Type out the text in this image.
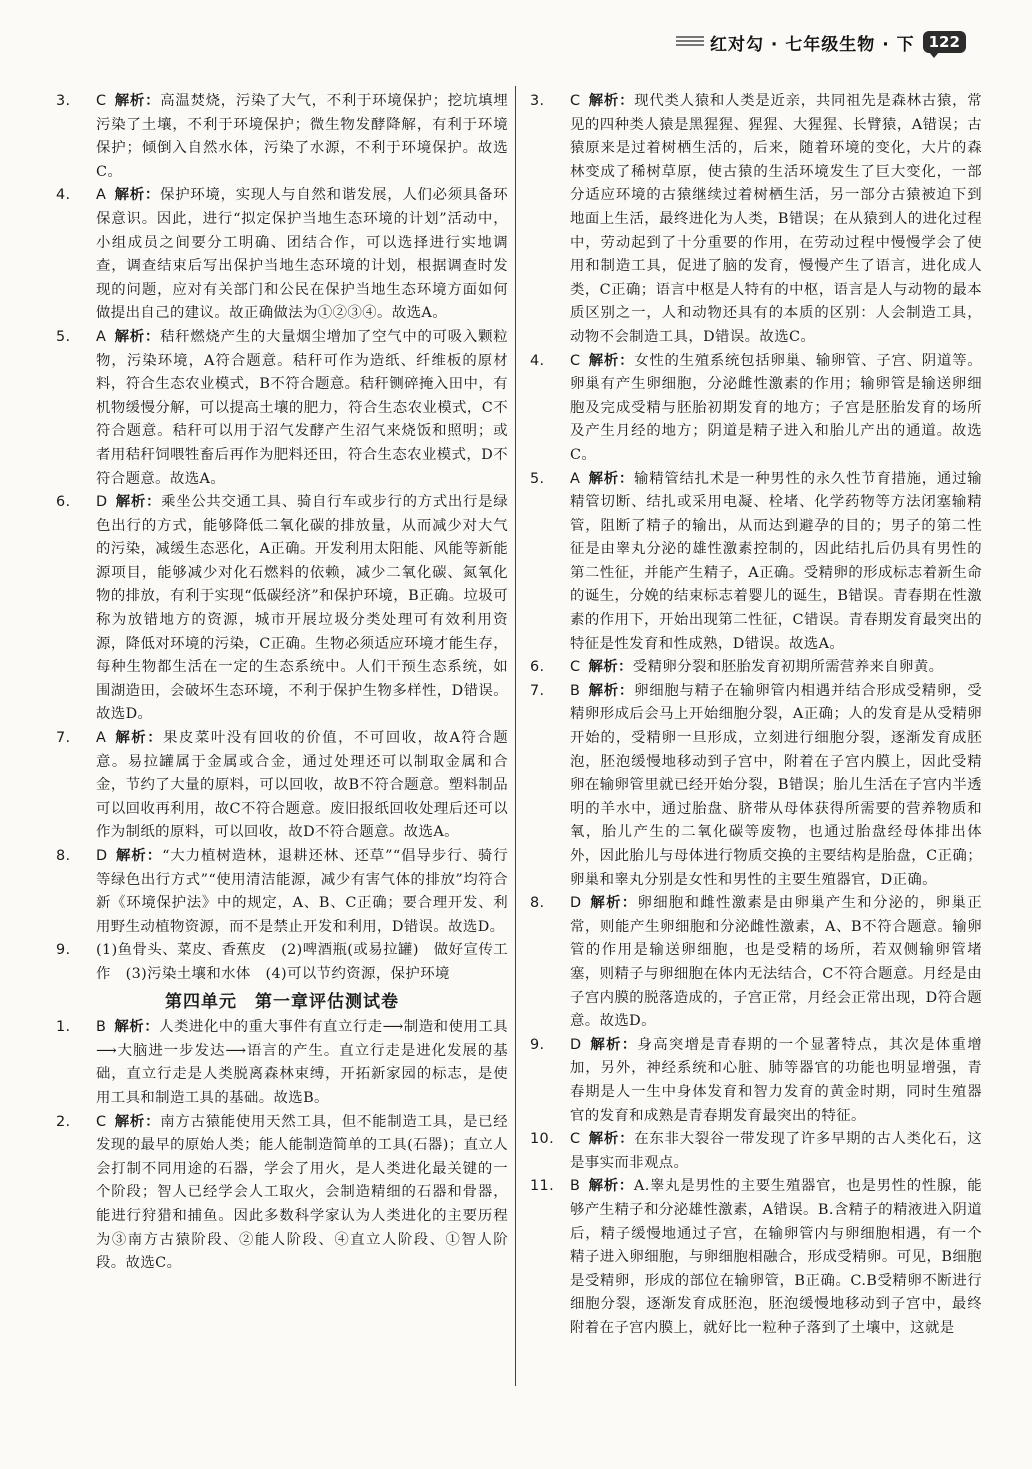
红对勾 · 七年级生物 · 下 122
3.	C 解析：高温焚烧，污染了大气，不利于环境保护；挖坑填埋污染了土壤，不利于环境保护；微生物发酵降解，有利于环境保护；倾倒入自然水体，污染了水源，不利于环境保护。故选C。
4.	A 解析：保护环境，实现人与自然和谐发展，人们必须具备环保意识。因此，进行“拟定保护当地生态环境的计划”活动中，小组成员之间要分工明确、团结合作，可以选择进行实地调查，调查结束后写出保护当地生态环境的计划，根据调查时发现的问题，应对有关部门和公民在保护当地生态环境方面如何做提出自己的建议。故正确做法为①②③④。故选A。
5.	A 解析：秸秆燃烧产生的大量烟尘增加了空气中的可吸入颗粒物，污染环境，A符合题意。秸秆可作为造纸、纤维板的原材料，符合生态农业模式，B不符合题意。秸秆铡碎掩入田中，有机物缓慢分解，可以提高土壤的肥力，符合生态农业模式，C不符合题意。秸秆可以用于沼气发酵产生沼气来烧饭和照明；或者用秸秆饲喂牲畜后再作为肥料还田，符合生态农业模式，D不符合题意。故选A。
6.	D 解析：乘坐公共交通工具、骑自行车或步行的方式出行是绿色出行的方式，能够降低二氧化碳的排放量，从而减少对大气的污染，减缓生态恶化，A正确。开发利用太阳能、风能等新能源项目，能够减少对化石燃料的依赖，减少二氧化碳、氮氧化物的排放，有利于实现“低碳经济”和保护环境，B正确。垃圾可称为放错地方的资源，城市开展垃圾分类处理可有效利用资源，降低对环境的污染，C正确。生物必须适应环境才能生存，每种生物都生活在一定的生态系统中。人们干预生态系统，如围湖造田，会破坏生态环境，不利于保护生物多样性，D错误。故选D。
7.	A 解析：果皮菜叶没有回收的价值，不可回收，故A符合题意。易拉罐属于金属或合金，通过处理还可以制取金属和合金，节约了大量的原料，可以回收，故B不符合题意。塑料制品可以回收再利用，故C不符合题意。废旧报纸回收处理后还可以作为制纸的原料，可以回收，故D不符合题意。故选A。
8.	D 解析：“大力植树造林，退耕还林、还草”“倡导步行、骑行等绿色出行方式”“使用清洁能源，减少有害气体的排放”均符合新《环境保护法》中的规定，A、B、C正确；要合理开发、利用野生动植物资源，而不是禁止开发和利用，D错误。故选D。
9.	(1)鱼骨头、菜皮、香蕉皮　(2)啤酒瓶(或易拉罐)　做好宣传工作　(3)污染土壤和水体　(4)可以节约资源，保护环境
第四单元　第一章评估测试卷
1.	B 解析：人类进化中的重大事件有直立行走⟶制造和使用工具⟶大脑进一步发达⟶语言的产生。直立行走是进化发展的基础，直立行走是人类脱离森林束缚，开拓新家园的标志，是使用工具和制造工具的基础。故选B。
2.	C 解析：南方古猿能使用天然工具，但不能制造工具，是已经发现的最早的原始人类；能人能制造简单的工具(石器)；直立人会打制不同用途的石器，学会了用火，是人类进化最关键的一个阶段；智人已经学会人工取火，会制造精细的石器和骨器，能进行狩猎和捕鱼。因此多数科学家认为人类进化的主要历程为③南方古猿阶段、②能人阶段、④直立人阶段、①智人阶段。故选C。
3.	C 解析：现代类人猿和人类是近亲，共同祖先是森林古猿，常见的四种类人猿是黑猩猩、猩猩、大猩猩、长臂猿，A错误；古猿原来是过着树栖生活的，后来，随着环境的变化，大片的森林变成了稀树草原，使古猿的生活环境发生了巨大变化，一部分适应环境的古猿继续过着树栖生活，另一部分古猿被迫下到地面上生活，最终进化为人类，B错误；在从猿到人的进化过程中，劳动起到了十分重要的作用，在劳动过程中慢慢学会了使用和制造工具，促进了脑的发育，慢慢产生了语言，进化成人类，C正确；语言中枢是人特有的中枢，语言是人与动物的最本质区别之一，人和动物还具有的本质的区别：人会制造工具，动物不会制造工具，D错误。故选C。
4.	C 解析：女性的生殖系统包括卵巢、输卵管、子宫、阴道等。卵巢有产生卵细胞，分泌雌性激素的作用；输卵管是输送卵细胞及完成受精与胚胎初期发育的地方；子宫是胚胎发育的场所及产生月经的地方；阴道是精子进入和胎儿产出的通道。故选C。
5.	A 解析：输精管结扎术是一种男性的永久性节育措施，通过输精管切断、结扎或采用电凝、栓堵、化学药物等方法闭塞输精管，阻断了精子的输出，从而达到避孕的目的；男子的第二性征是由睾丸分泌的雄性激素控制的，因此结扎后仍具有男性的第二性征，并能产生精子，A正确。受精卵的形成标志着新生命的诞生，分娩的结束标志着婴儿的诞生，B错误。青春期在性激素的作用下，开始出现第二性征，C错误。青春期发育最突出的特征是性发育和性成熟，D错误。故选A。
6.	C 解析：受精卵分裂和胚胎发育初期所需营养来自卵黄。
7.	B 解析：卵细胞与精子在输卵管内相遇并结合形成受精卵，受精卵形成后会马上开始细胞分裂，A正确；人的发育是从受精卵开始的，受精卵一旦形成，立刻进行细胞分裂，逐渐发育成胚泡，胚泡缓慢地移动到子宫中，附着在子宫内膜上，因此受精卵在输卵管里就已经开始分裂，B错误；胎儿生活在子宫内半透明的羊水中，通过胎盘、脐带从母体获得所需要的营养物质和氧，胎儿产生的二氧化碳等废物，也通过胎盘经母体排出体外，因此胎儿与母体进行物质交换的主要结构是胎盘，C正确；卵巢和睾丸分别是女性和男性的主要生殖器官，D正确。
8.	D 解析：卵细胞和雌性激素是由卵巢产生和分泌的，卵巢正常，则能产生卵细胞和分泌雌性激素，A、B不符合题意。输卵管的作用是输送卵细胞，也是受精的场所，若双侧输卵管堵塞，则精子与卵细胞在体内无法结合，C不符合题意。月经是由子宫内膜的脱落造成的，子宫正常，月经会正常出现，D符合题意。故选D。
9.	D 解析：身高突增是青春期的一个显著特点，其次是体重增加，另外，神经系统和心脏、肺等器官的功能也明显增强，青春期是人一生中身体发育和智力发育的黄金时期，同时生殖器官的发育和成熟是青春期发育最突出的特征。
10.	C 解析：在东非大裂谷一带发现了许多早期的古人类化石，这是事实而非观点。
11.	B 解析：A.睾丸是男性的主要生殖器官，也是男性的性腺，能够产生精子和分泌雄性激素，A错误。B.含精子的精液进入阴道后，精子缓慢地通过子宫，在输卵管内与卵细胞相遇，有一个精子进入卵细胞，与卵细胞相融合，形成受精卵。可见，B细胞是受精卵，形成的部位在输卵管，B正确。C.B受精卵不断进行细胞分裂，逐渐发育成胚泡，胚泡缓慢地移动到子宫中，最终附着在子宫内膜上，就好比一粒种子落到了土壤中，这就是
